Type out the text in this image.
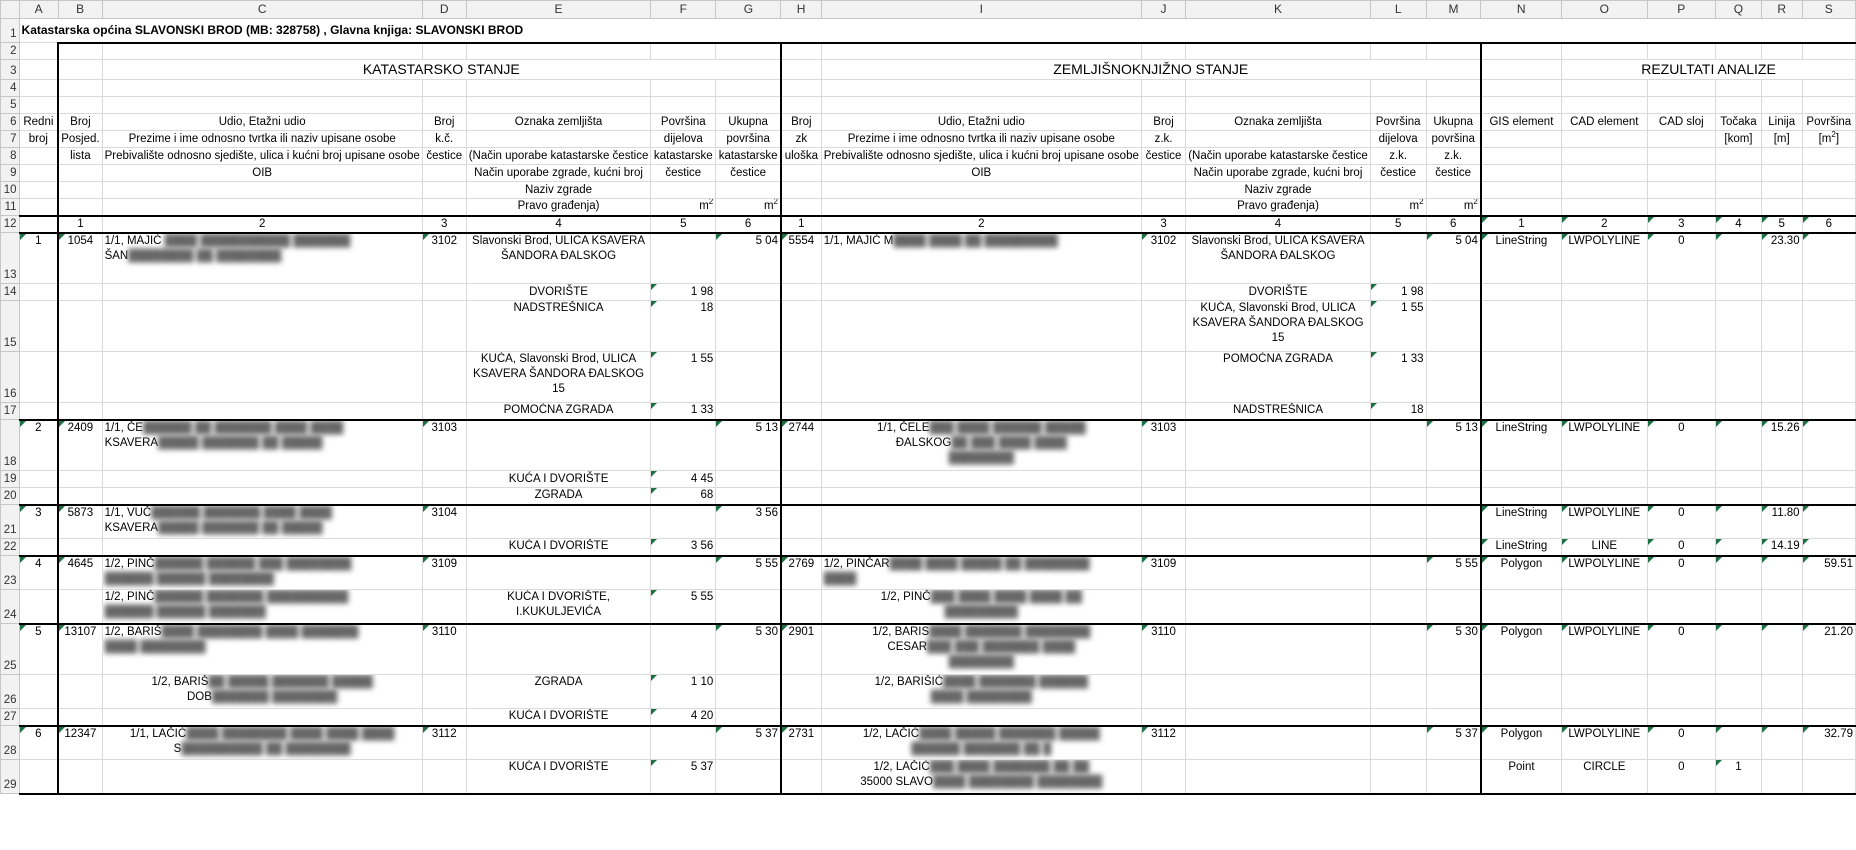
	A	B	C	D	E	F	G	H	I	J	K	L	M	N	O	P	Q	R	S
1	Katastarska općina SLAVONSKI BROD (MB: 328758) , Glavna knjiga: SLAVONSKI BROD																		
2																			
3			KATASTARSKO STANJE						ZEMLJIŠNOKNJIŽNO STANJE						REZULTATI ANALIZE				
4																			
5																			
6	Redni	Broj	Udio, Etažni udio	Broj	Oznaka zemljišta	Površina	Ukupna	Broj	Udio, Etažni udio	Broj	Oznaka zemljišta	Površina	Ukupna	GIS element	CAD element	CAD sloj	Točaka	Linija	Površina
7	broj	Posjed.	Prezime i ime odnosno tvrtka ili naziv upisane osobe	k.č.		dijelova	površina	zk	Prezime i ime odnosno tvrtka ili naziv upisane osobe	z.k.		dijelova	površina				[kom]	[m]	$[m^2]$
8		lista	Prebivalište odnosno sjedište, ulica i kućni broj upisane osobe	čestice	(Način uporabe katastarske čestice	katastarske	katastarske	uloška	Prebivalište odnosno sjedište, ulica i kućni broj upisane osobe	čestice	(Način uporabe katastarske čestice	z.k.	z.k.						
9			OIB		Način uporabe zgrade, kućni broj	čestice	čestice		OIB		Način uporabe zgrade, kućni broj	čestice	čestice						
10					Naziv zgrade						Naziv zgrade								
11					Pravo građenja)	$m^2$	$m^2$				Pravo građenja)	$m^2$	$m^2$						
12		1	2	3	4	5	6	1	2	3	4	5	6	1	2	3	4	5	6
13	1	1054	1/1, MAJIĆ ████ ███████████ ███████
ŠAN████████ ██ ████████	3102	Slavonski Brod, ULICA KSAVERA ŠANDORA ĐALSKOG		5 04	5554	1/1, MAJIĆ M████ ████ ██ █████████	3102	Slavonski Brod, ULICA KSAVERA ŠANDORA ĐALSKOG		5 04	LineString	LWPOLYLINE	0		23.30	
14					DVORIŠTE	1 98					DVORIŠTE	1 98							
15					NADSTREŠNICA	18					KUĆA, Slavonski Brod, ULICA KSAVERA ŠANDORA ĐALSKOG 15	1 55							
16					KUĆA, Slavonski Brod, ULICA KSAVERA ŠANDORA ĐALSKOG 15	1 55					POMOĆNA ZGRADA	1 33							
17					POMOĆNA ZGRADA	1 33					NADSTREŠNICA	18							
18	2	2409	1/1, ČE██████ ██ ███████ ████ ████
KSAVERA█████ ███████ ██ █████	3103			5 13	2744	1/1, ČELE███ ████ ██████ █████
ĐALSKOG██ ███ ████ ████
████████	3103			5 13	LineString	LWPOLYLINE	0		15.26	
19					KUĆA I DVORIŠTE	4 45													
20					ZGRADA	68													
21	3	5873	1/1, VUČ██████ ███████ ████ ████
KSAVERA█████ ███████ ██ █████	3104			3 56							LineString	LWPOLYLINE	0		11.80	
22					KUĆA I DVORIŠTE	3 56								LineString	LINE	0		14.19	
23	4	4645	1/2, PINČ██████ ██████ ███ ████████
██████ ██████ ████████	3109			5 55	2769	1/2, PINČAR████ ████ █████ ██ ████████
████	3109			5 55	Polygon	LWPOLYLINE	0			59.51
24			1/2, PINČ██████ ███████ ██████████
██████ ██████ ███████		KUĆA I DVORIŠTE, I.KUKULJEVIĆA	5 55			1/2, PINČ███ ████ ████ ████ ██
█████████										
25	5	13107	1/2, BARIŠ████ ████████ ████ ███████
████ ████████	3110			5 30	2901	1/2, BARIS████ ███████ ████████
CESAR███ ███ ███████ ████
████████	3110			5 30	Polygon	LWPOLYLINE	0			21.20
26			1/2, BARIŠ██ █████ ███████ █████
DOB███████ ████████		ZGRADA	1 10			1/2, BARIŠIĆ████ ███████ ██████
████ ████████										
27					KUĆA I DVORIŠTE	4 20													
28	6	12347	1/1, LAČIĆ████ ████████ ████ ████ ████
S██████████ ██ ████████	3112			5 37	2731	1/2, LAČIĆ████ █████ ███████ █████
██████ ███████ ██ █	3112			5 37	Polygon	LWPOLYLINE	0			32.79
29					KUĆA I DVORIŠTE	5 37			1/2, LAČIĆ███ ████ ███████ ██ ██
35000 SLAVO████ ████████ ████████					Point	CIRCLE	0	1		
